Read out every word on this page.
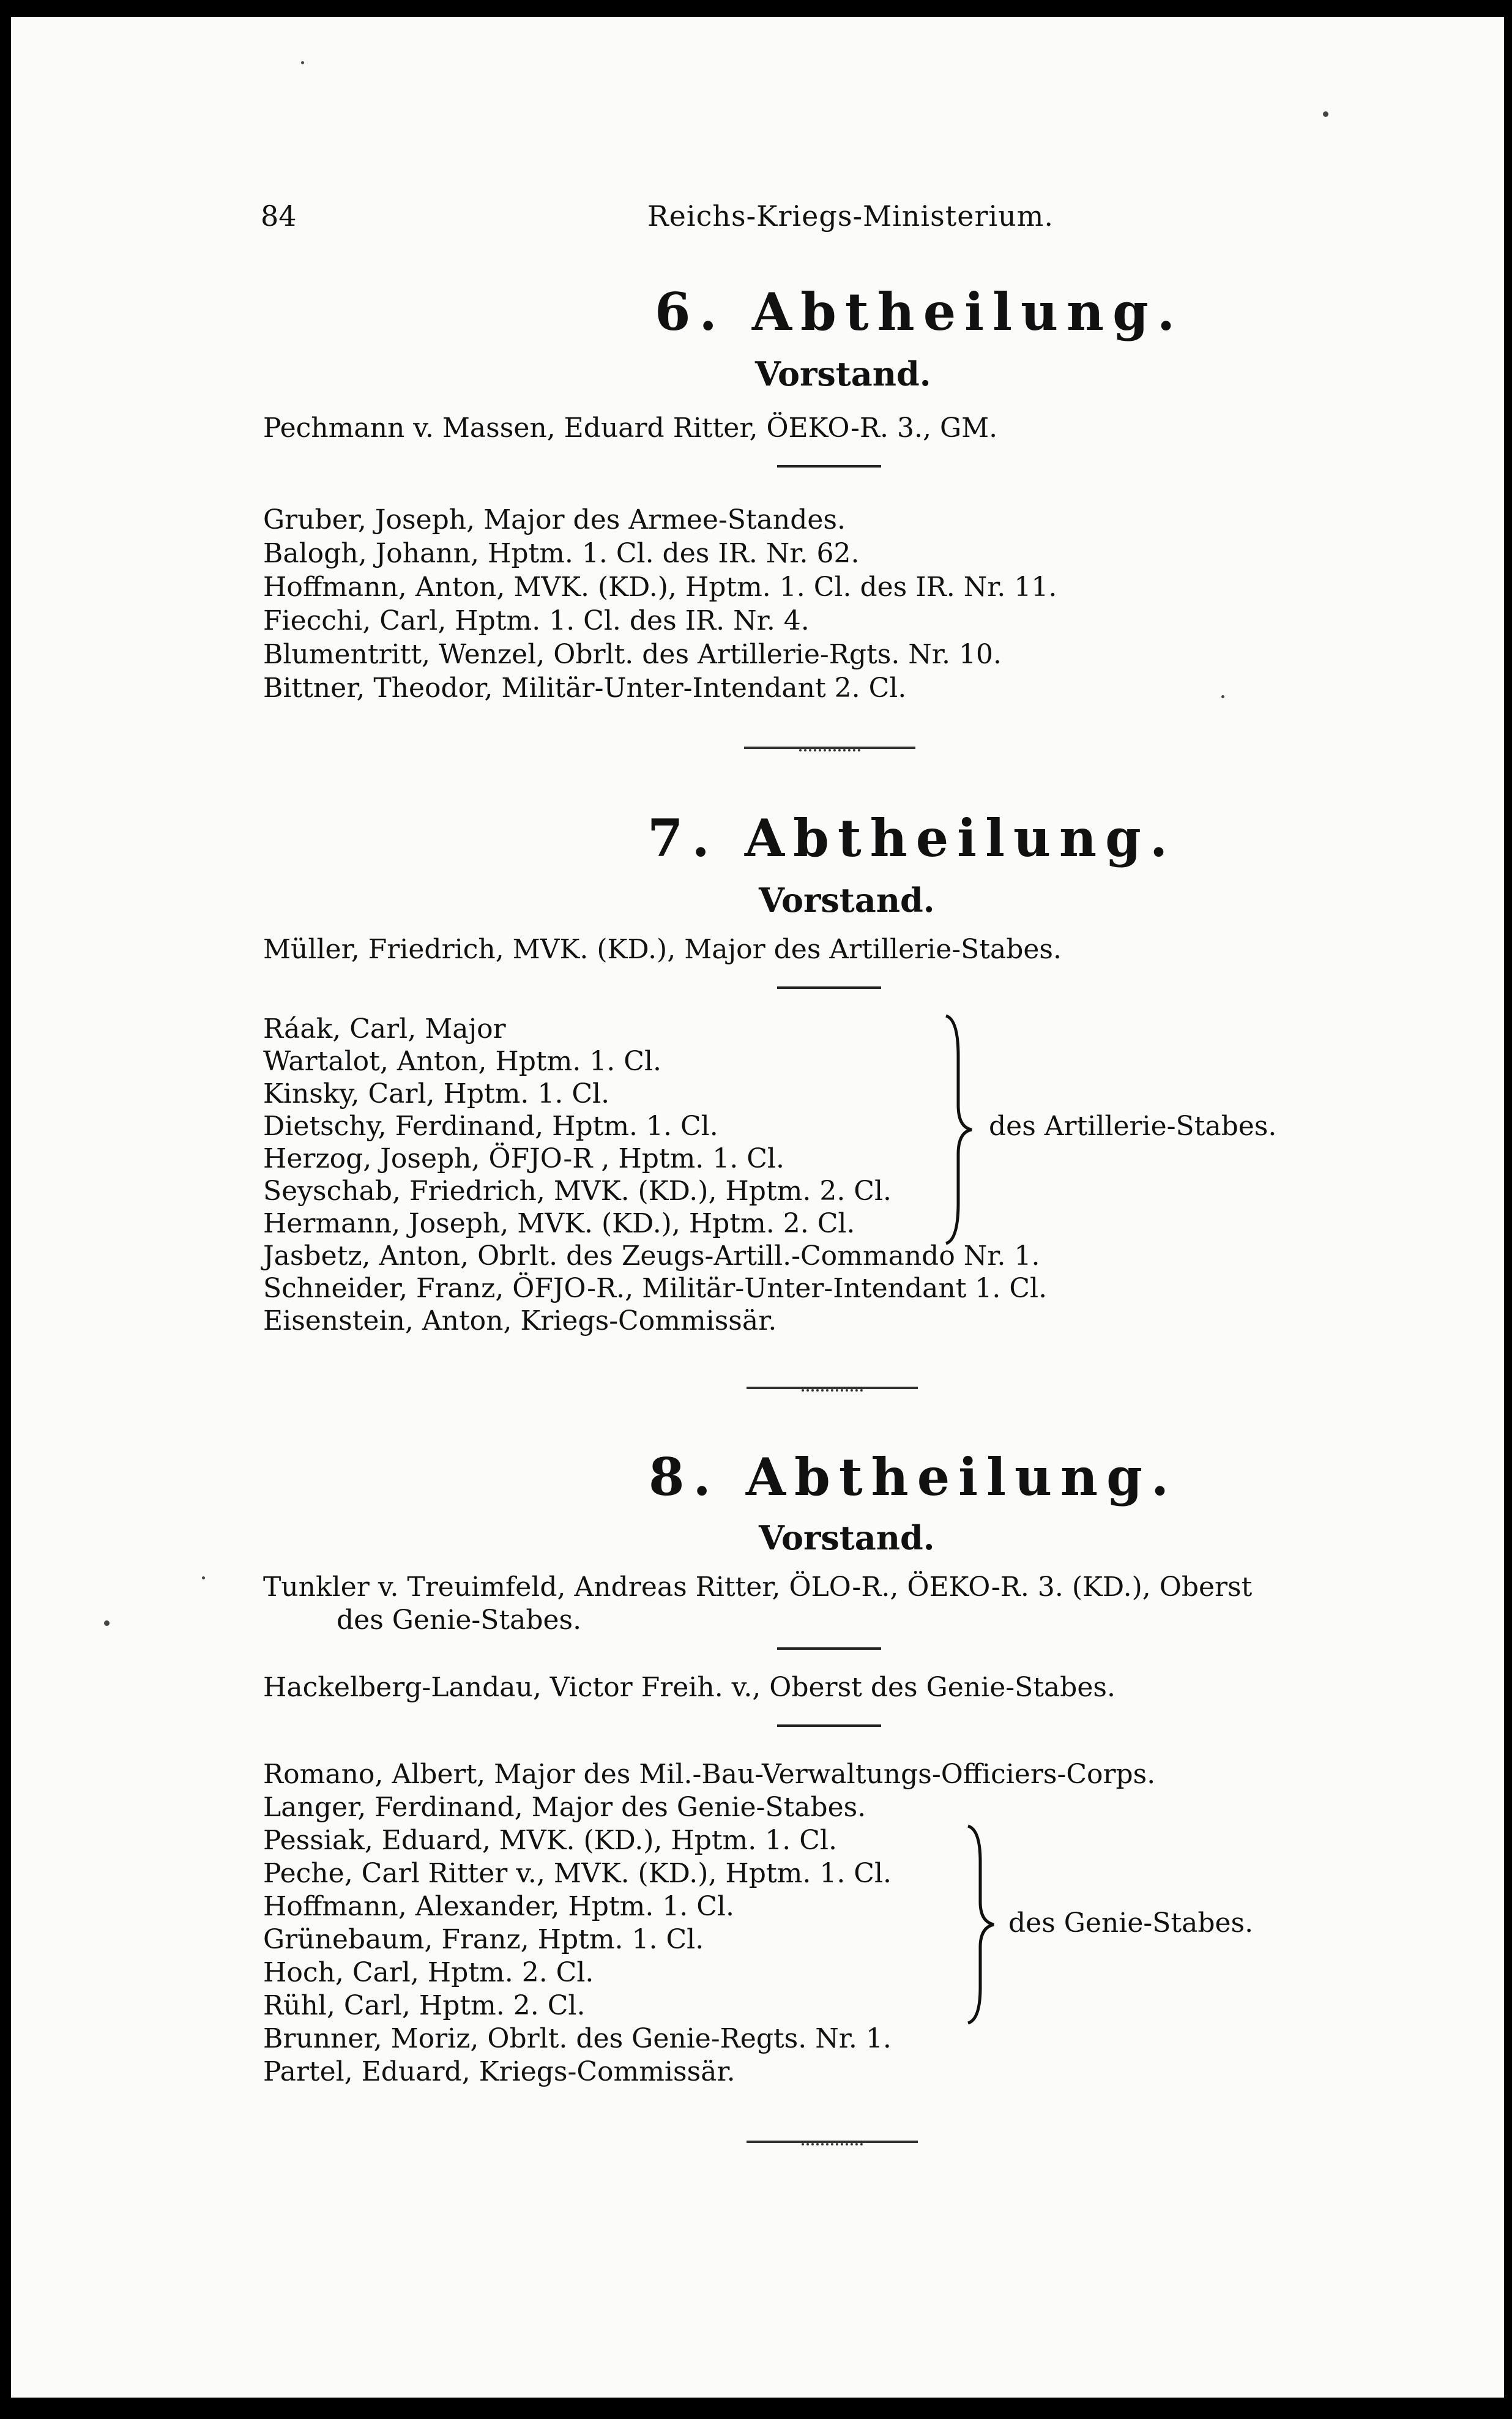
84	Reichs-Kriegs-Ministerium.
6. Abtheilung.
Vorstand.
Pechmann v. Massen, Eduard Ritter, ÖEKO-R. 3., GM.
Gruber, Joseph, Major des Armee-Standes.
Balogh, Johann, Hptm. 1. Cl. des IR. Nr. 62.
Hoffmann, Anton, MVK. (KD.), Hptm. 1. Cl. des IR. Nr. 11.
Fiecchi, Carl, Hptm. 1. Cl. des IR. Nr. 4.
Blumentritt, Wenzel, Obrlt. des Artillerie-Rgts. Nr. 10.
Bittner, Theodor, Militär-Unter-Intendant 2. Cl.
7. Abtheilung.
Vorstand.
Müller, Friedrich, MVK. (KD.), Major des Artillerie-Stabes.
Ráak, Carl, Major
Wartalot, Anton, Hptm. 1. Cl.
Kinsky, Carl, Hptm. 1. Cl.
Dietschy, Ferdinand, Hptm. 1. Cl.
Herzog, Joseph, ÖFJO-R , Hptm. 1. Cl.
Seyschab, Friedrich, MVK. (KD.), Hptm. 2. Cl.
Hermann, Joseph, MVK. (KD.), Hptm. 2. Cl.
des Artillerie-Stabes.
Jasbetz, Anton, Obrlt. des Zeugs-Artill.-Commando Nr. 1.
Schneider, Franz, ÖFJO-R., Militär-Unter-Intendant 1. Cl.
Eisenstein, Anton, Kriegs-Commissär.
8. Abtheilung.
Vorstand.
Tunkler v. Treuimfeld, Andreas Ritter, ÖLO-R., ÖEKO-R. 3. (KD.), Oberst
des Genie-Stabes.
Hackelberg-Landau, Victor Freih. v., Oberst des Genie-Stabes.
Romano, Albert, Major des Mil.-Bau-Verwaltungs-Officiers-Corps.
Langer, Ferdinand, Major des Genie-Stabes.
Pessiak, Eduard, MVK. (KD.), Hptm. 1. Cl.
Peche, Carl Ritter v., MVK. (KD.), Hptm. 1. Cl.
Hoffmann, Alexander, Hptm. 1. Cl.
Grünebaum, Franz, Hptm. 1. Cl.
Hoch, Carl, Hptm. 2. Cl.
Rühl, Carl, Hptm. 2. Cl.
des Genie-Stabes.
Brunner, Moriz, Obrlt. des Genie-Regts. Nr. 1.
Partel, Eduard, Kriegs-Commissär.
